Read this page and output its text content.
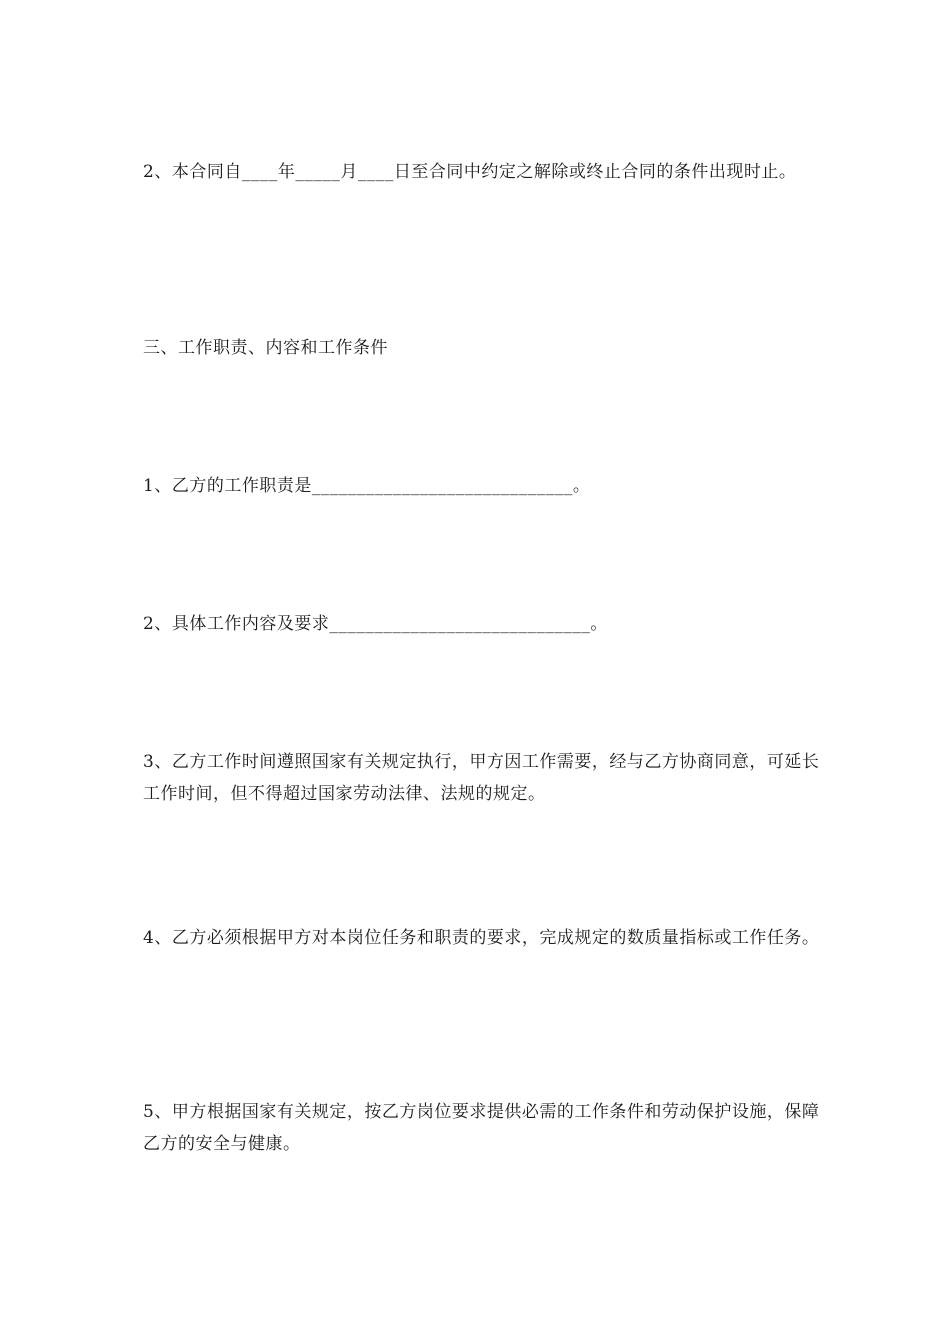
2、本合同自____年_____月____日至合同中约定之解除或终止合同的条件出现时止。

三、工作职责、内容和工作条件

1、乙方的工作职责是_____________________________。

2、具体工作内容及要求_____________________________。

3、乙方工作时间遵照国家有关规定执行，甲方因工作需要，经与乙方协商同意，可延长工作时间，但不得超过国家劳动法律、法规的规定。

4、乙方必须根据甲方对本岗位任务和职责的要求，完成规定的数质量指标或工作任务。

5、甲方根据国家有关规定，按乙方岗位要求提供必需的工作条件和劳动保护设施，保障乙方的安全与健康。
